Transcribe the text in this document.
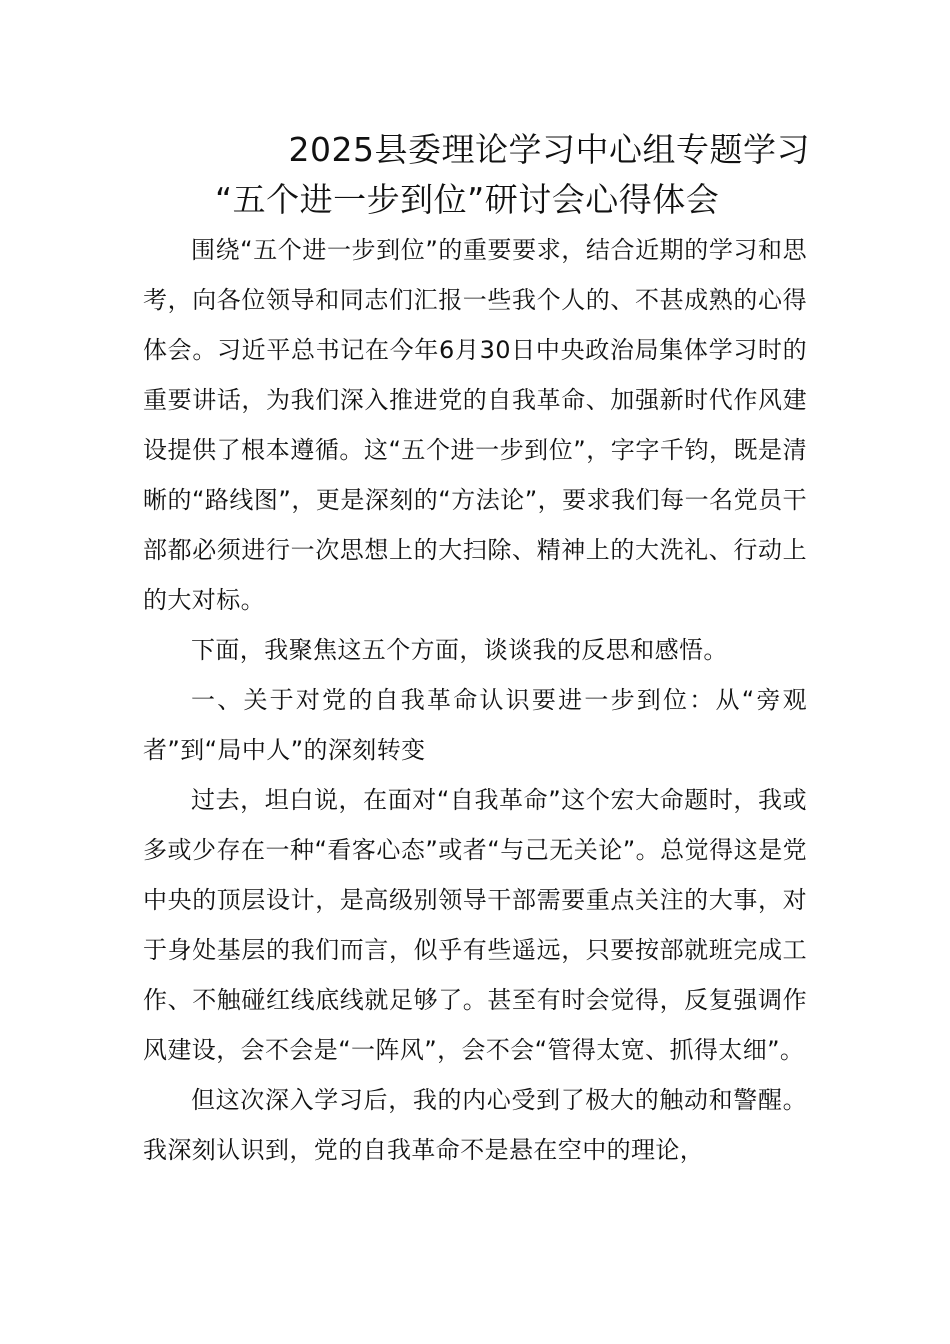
2025县委理论学习中心组专题学习
“五个进一步到位”研讨会心得体会

围绕“五个进一步到位”的重要要求，结合近期的学习和思考，向各位领导和同志们汇报一些我个人的、不甚成熟的心得体会。习近平总书记在今年6月30日中央政治局集体学习时的重要讲话，为我们深入推进党的自我革命、加强新时代作风建设提供了根本遵循。这“五个进一步到位”，字字千钧，既是清晰的“路线图”，更是深刻的“方法论”，要求我们每一名党员干部都必须进行一次思想上的大扫除、精神上的大洗礼、行动上的大对标。

下面，我聚焦这五个方面，谈谈我的反思和感悟。

一、关于对党的自我革命认识要进一步到位：从“旁观者”到“局中人”的深刻转变

过去，坦白说，在面对“自我革命”这个宏大命题时，我或多或少存在一种“看客心态”或者“与己无关论”。总觉得这是党中央的顶层设计，是高级别领导干部需要重点关注的大事，对于身处基层的我们而言，似乎有些遥远，只要按部就班完成工作、不触碰红线底线就足够了。甚至有时会觉得，反复强调作风建设，会不会是“一阵风”，会不会“管得太宽、抓得太细”。

但这次深入学习后，我的内心受到了极大的触动和警醒。我深刻认识到，党的自我革命不是悬在空中的理论，
